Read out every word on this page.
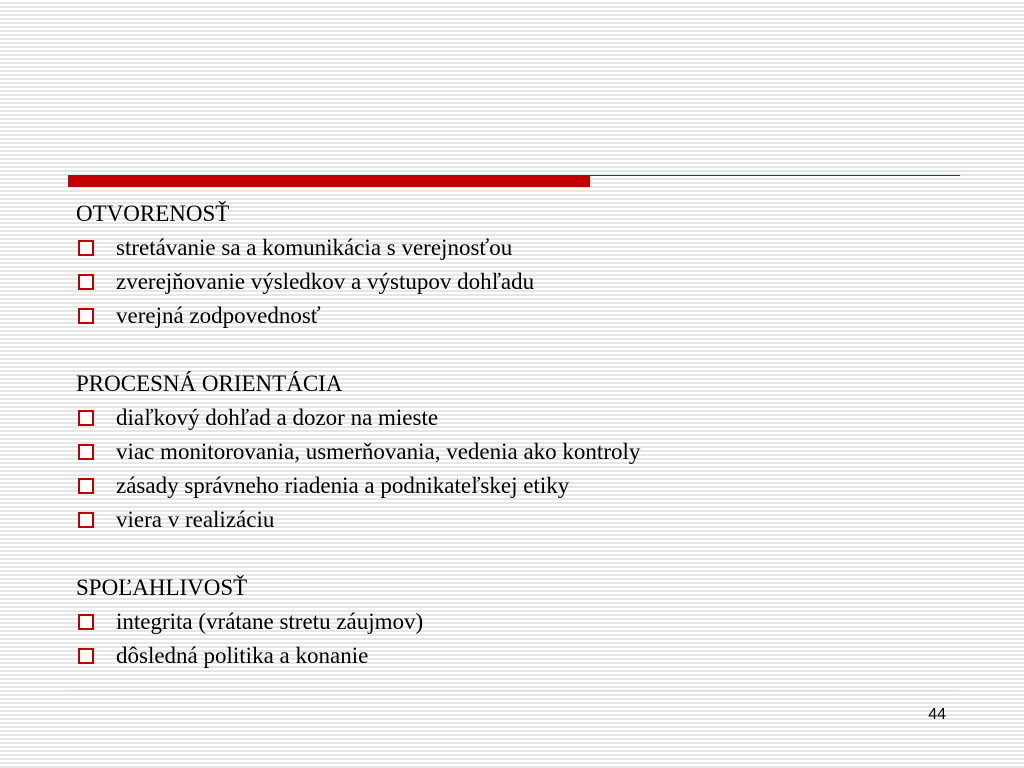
OTVORENOSŤ
stretávanie sa a komunikácia s verejnosťou
zverejňovanie výsledkov a výstupov dohľadu
verejná zodpovednosť
PROCESNÁ ORIENTÁCIA
diaľkový dohľad a dozor na mieste
viac monitorovania, usmerňovania, vedenia ako kontroly
zásady správneho riadenia a podnikateľskej etiky
viera v realizáciu
SPOĽAHLIVOSŤ
integrita (vrátane stretu záujmov)
dôsledná politika a konanie
44
